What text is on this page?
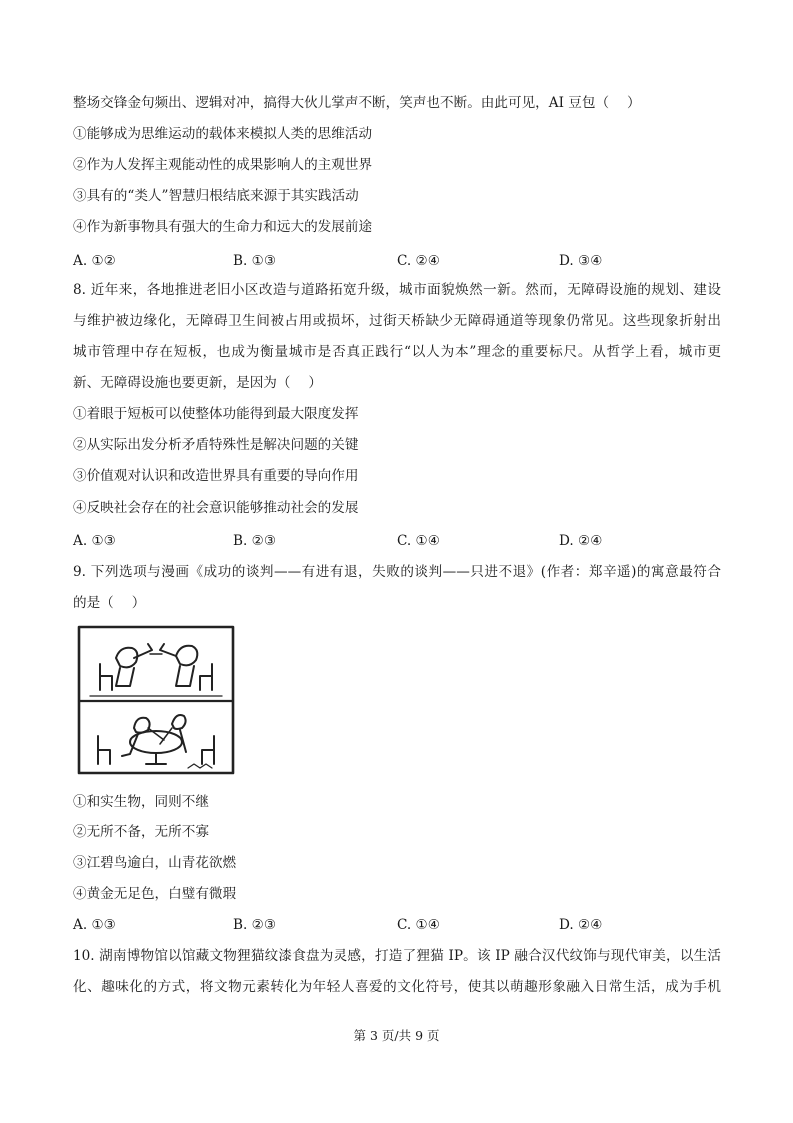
整场交锋金句频出、逻辑对冲，搞得大伙儿掌声不断，笑声也不断。由此可见，AI 豆包（　 ）
①能够成为思维运动的载体来模拟人类的思维活动
②作为人发挥主观能动性的成果影响人的主观世界
③具有的“类人”智慧归根结底来源于其实践活动
④作为新事物具有强大的生命力和远大的发展前途
A. ①②	B. ①③	C. ②④	D. ③④
8. 近年来，各地推进老旧小区改造与道路拓宽升级，城市面貌焕然一新。然而，无障碍设施的规划、建设
与维护被边缘化，无障碍卫生间被占用或损坏，过街天桥缺少无障碍通道等现象仍常见。这些现象折射出
城市管理中存在短板，也成为衡量城市是否真正践行“以人为本”理念的重要标尺。从哲学上看，城市更
新、无障碍设施也要更新，是因为（　 ）
①着眼于短板可以使整体功能得到最大限度发挥
②从实际出发分析矛盾特殊性是解决问题的关键
③价值观对认识和改造世界具有重要的导向作用
④反映社会存在的社会意识能够推动社会的发展
A. ①③	B. ②③	C. ①④	D. ②④
9. 下列选项与漫画《成功的谈判——有进有退，失败的谈判——只进不退》(作者：郑辛遥)的寓意最符合
的是（　 ）
①和实生物，同则不继
②无所不备，无所不寡
③江碧鸟逾白，山青花欲燃
④黄金无足色，白璧有微瑕
A. ①③	B. ②③	C. ①④	D. ②④
10. 湖南博物馆以馆藏文物狸猫纹漆食盘为灵感，打造了狸猫 IP。该 IP 融合汉代纹饰与现代审美，以生活
化、趣味化的方式，将文物元素转化为年轻人喜爱的文化符号，使其以萌趣形象融入日常生活，成为手机
第 3 页/共 9 页
